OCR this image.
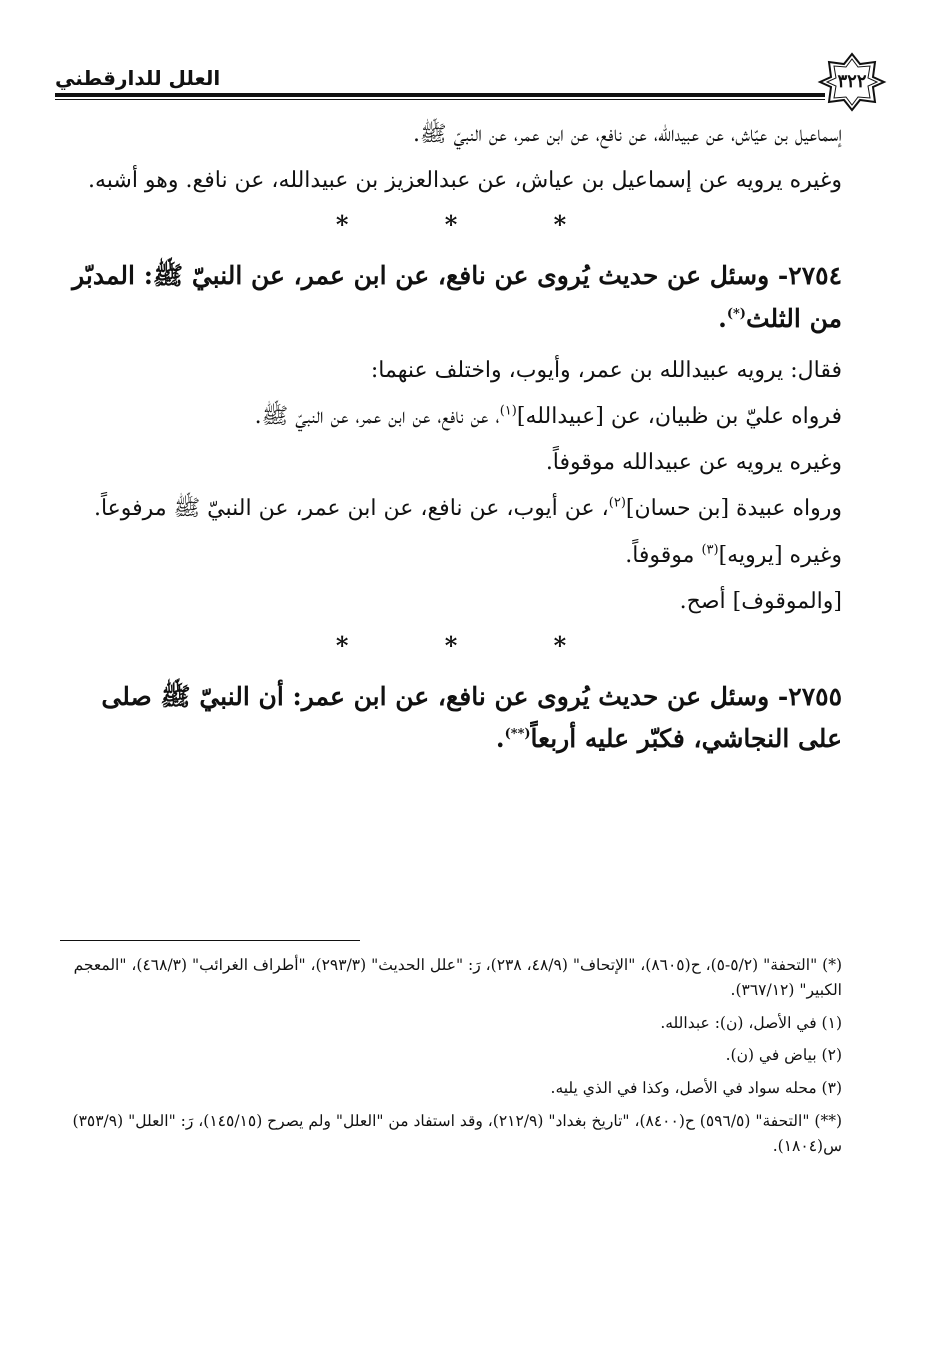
العلل للدارقطني	٣٢٢

إسماعيل بن عيّاش، عن عبيدالله، عن نافع، عن ابن عمر، عن النبيّ ﷺ.

وغيره يرويه عن إسماعيل بن عياش، عن عبدالعزيز بن عبيدالله، عن نافع. وهو أشبه.

* * *

٢٧٥٤- وسئل عن حديث يُروى عن نافع، عن ابن عمر، عن النبيّ ﷺ: المدبّر من الثلث(*).

فقال: يرويه عبيدالله بن عمر، وأيوب، واختلف عنهما:

فرواه عليّ بن ظبيان، عن [عبيدالله]$^{(١)}$، عن نافع، عن ابن عمر، عن النبيّ ﷺ.

وغيره يرويه عن عبيدالله موقوفاً.

ورواه عبيدة [بن حسان]$^{(٢)}$، عن أيوب، عن نافع، عن ابن عمر، عن النبيّ ﷺ مرفوعاً.

وغيره [يرويه]$^{(٣)}$ موقوفاً.

[والموقوف] أصح.

* * *

٢٧٥٥- وسئل عن حديث يُروى عن نافع، عن ابن عمر: أن النبيّ ﷺ صلى على النجاشي، فكبّر عليه أربعاً(**).

(*) "التحفة" (٥/٢-٥)، ح(٨٦٠٥)، "الإتحاف" (٤٨/٩، ٢٣٨)، رَ: "علل الحديث" (٢٩٣/٣)، "أطراف الغرائب" (٤٦٨/٣)، "المعجم الكبير" (٣٦٧/١٢).

(١) في الأصل، (ن): عبدالله.

(٢) بياض في (ن).

(٣) محله سواد في الأصل، وكذا في الذي يليه.

(**) "التحفة" (٥٩٦/٥) ح(٨٤٠٠)، "تاريخ بغداد" (٢١٢/٩)، وقد استفاد من "العلل" ولم يصرح (١٤٥/١٥)، رَ: "العلل" (٣٥٣/٩) س(١٨٠٤).
